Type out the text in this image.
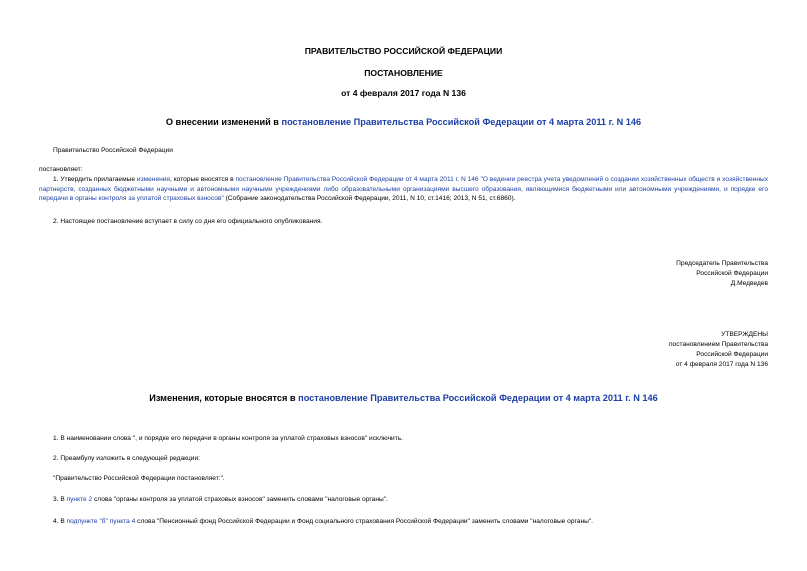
ПРАВИТЕЛЬСТВО РОССИЙСКОЙ ФЕДЕРАЦИИ
ПОСТАНОВЛЕНИЕ
от 4 февраля 2017 года N 136
О внесении изменений в постановление Правительства Российской Федерации от 4 марта 2011 г. N 146
Правительство Российской Федерации
постановляет:
1. Утвердить прилагаемые изменения, которые вносятся в постановление Правительства Российской Федерации от 4 марта 2011 г. N 146 "О ведении реестра учета уведомлений о создании хозяйственных обществ и хозяйственных партнерств, созданных бюджетными научными и автономными научными учреждениями либо образовательными организациями высшего образования, являющимися бюджетными или автономными учреждениями, и порядке его передачи в органы контроля за уплатой страховых взносов" (Собрание законодательства Российской Федерации, 2011, N 10, ст.1416; 2013, N 51, ст.6860).
2. Настоящее постановление вступает в силу со дня его официального опубликования.
Председатель Правительства
Российской Федерации
Д.Медведев
УТВЕРЖДЕНЫ
постановлением Правительства
Российской Федерации
от 4 февраля 2017 года N 136
Изменения, которые вносятся в постановление Правительства Российской Федерации от 4 марта 2011 г. N 146
1. В наименовании слова ", и порядке его передачи в органы контроля за уплатой страховых взносов" исключить.
2. Преамбулу изложить в следующей редакции:
"Правительство Российской Федерации постановляет:".
3. В пункте 2 слова "органы контроля за уплатой страховых взносов" заменить словами "налоговые органы".
4. В подпункте "б" пункта 4 слова "Пенсионный фонд Российской Федерации и Фонд социального страхования Российской Федерации" заменить словами "налоговые органы".
